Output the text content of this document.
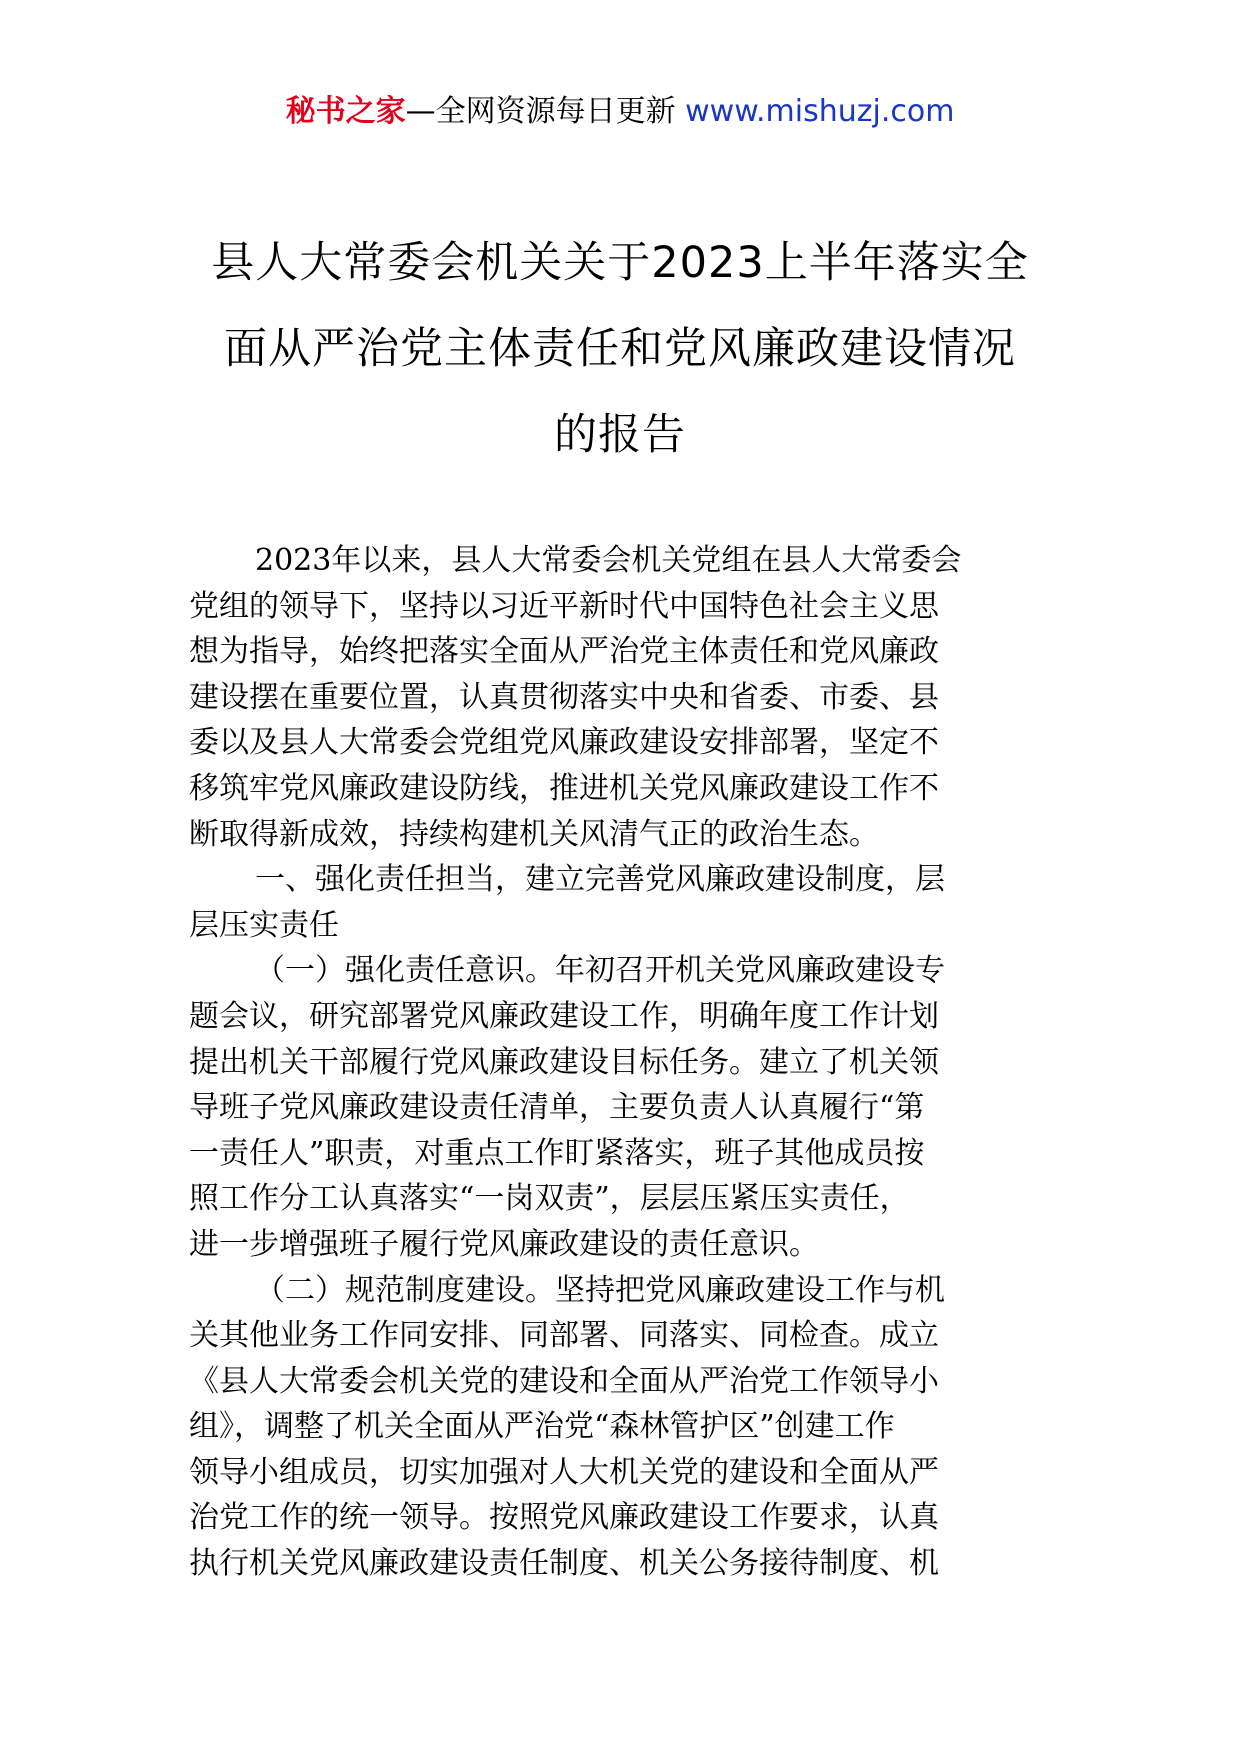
秘书之家—全网资源每日更新 www.mishuzj.com
县人大常委会机关关于2023上半年落实全
面从严治党主体责任和党风廉政建设情况
的报告

2023年以来，县人大常委会机关党组在县人大常委会
党组的领导下，坚持以习近平新时代中国特色社会主义思
想为指导，始终把落实全面从严治党主体责任和党风廉政
建设摆在重要位置，认真贯彻落实中央和省委、市委、县
委以及县人大常委会党组党风廉政建设安排部署，坚定不
移筑牢党风廉政建设防线，推进机关党风廉政建设工作不
断取得新成效，持续构建机关风清气正的政治生态。

一、强化责任担当，建立完善党风廉政建设制度，层
层压实责任

（一）强化责任意识。年初召开机关党风廉政建设专
题会议，研究部署党风廉政建设工作，明确年度工作计划
提出机关干部履行党风廉政建设目标任务。建立了机关领
导班子党风廉政建设责任清单，主要负责人认真履行“第
一责任人”职责，对重点工作盯紧落实，班子其他成员按
照工作分工认真落实“一岗双责”，层层压紧压实责任，
进一步增强班子履行党风廉政建设的责任意识。

（二）规范制度建设。坚持把党风廉政建设工作与机
关其他业务工作同安排、同部署、同落实、同检查。成立
《县人大常委会机关党的建设和全面从严治党工作领导小
组》，调整了机关全面从严治党“森林管护区”创建工作
领导小组成员，切实加强对人大机关党的建设和全面从严
治党工作的统一领导。按照党风廉政建设工作要求，认真
执行机关党风廉政建设责任制度、机关公务接待制度、机
